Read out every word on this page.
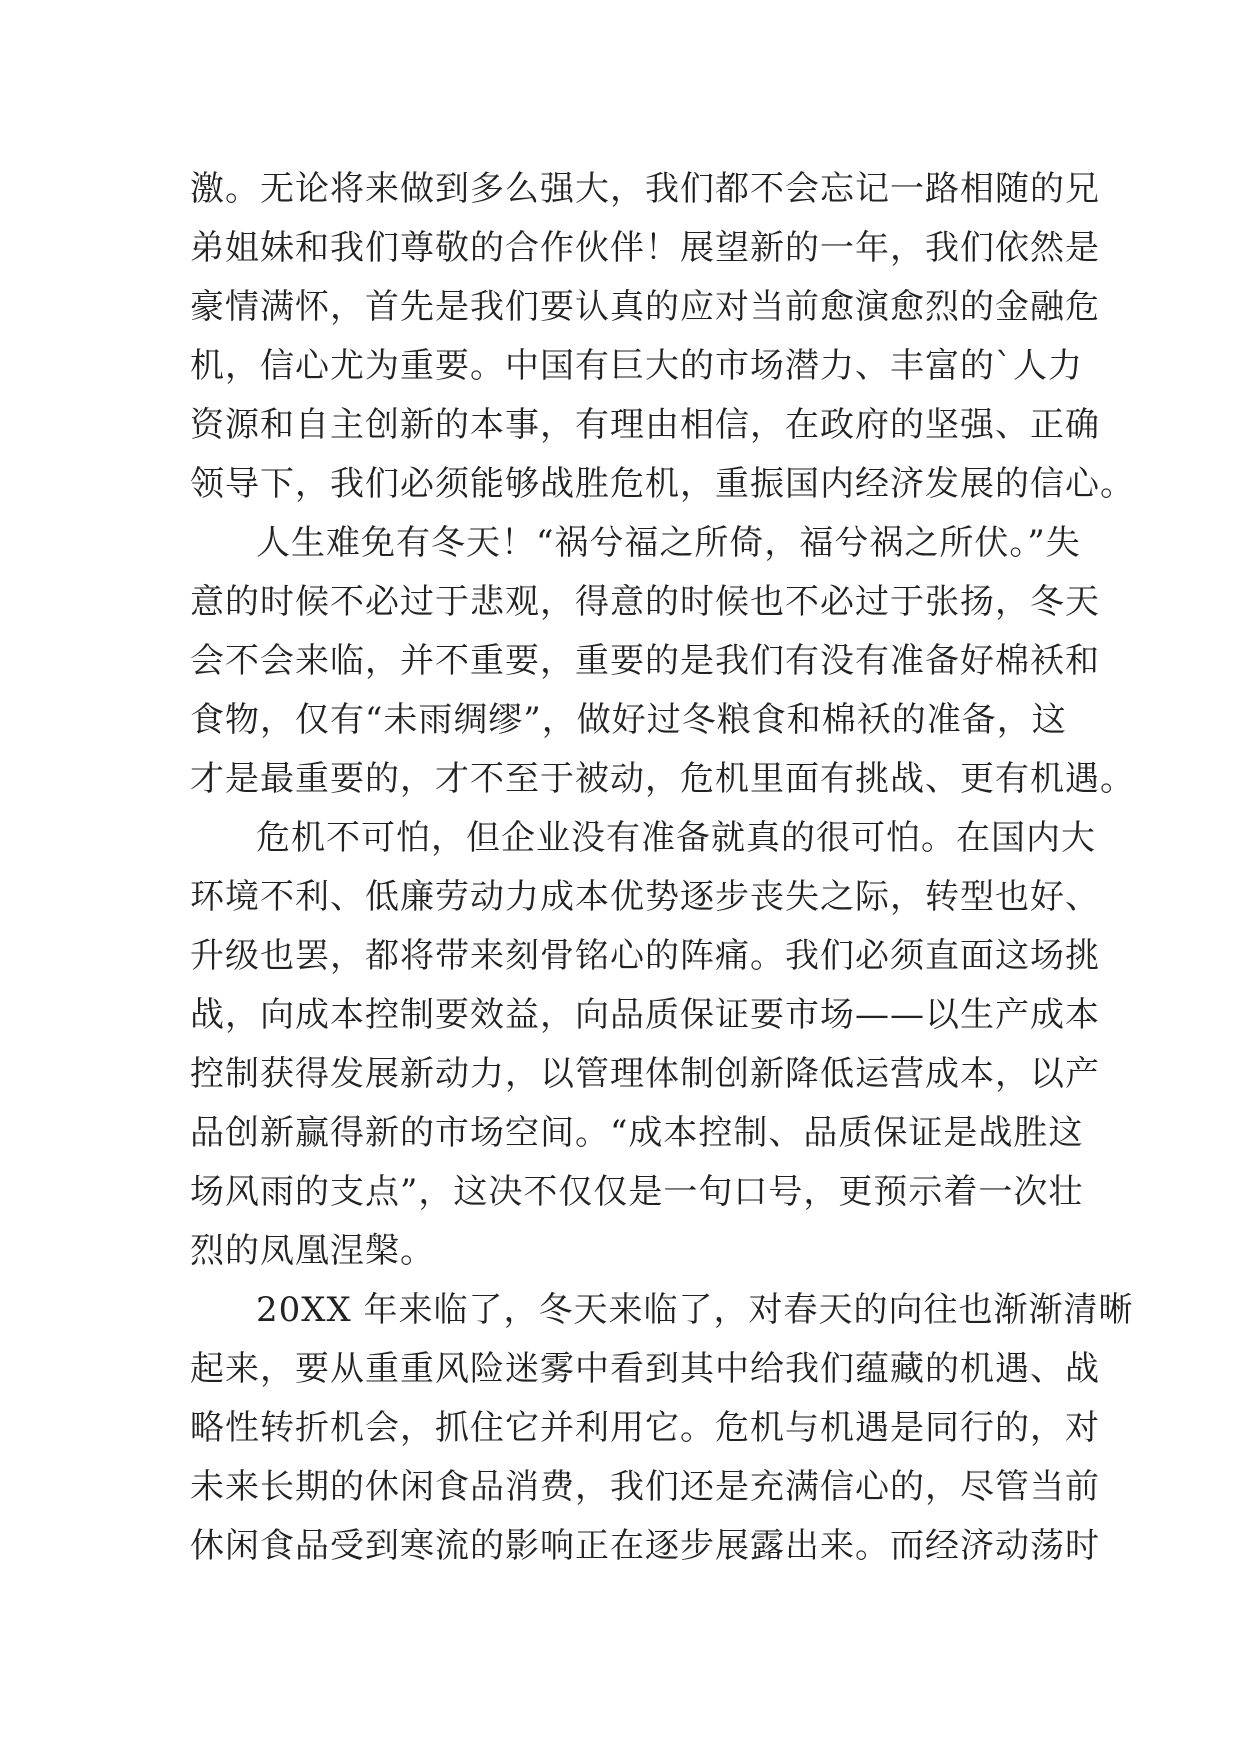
激。无论将来做到多么强大，我们都不会忘记一路相随的兄
弟姐妹和我们尊敬的合作伙伴！展望新的一年，我们依然是
豪情满怀，首先是我们要认真的应对当前愈演愈烈的金融危
机，信心尤为重要。中国有巨大的市场潜力、丰富的`人力
资源和自主创新的本事，有理由相信，在政府的坚强、正确
领导下，我们必须能够战胜危机，重振国内经济发展的信心。
人生难免有冬天！“祸兮福之所倚，福兮祸之所伏。”失
意的时候不必过于悲观，得意的时候也不必过于张扬，冬天
会不会来临，并不重要，重要的是我们有没有准备好棉袄和
食物，仅有“未雨绸缪”，做好过冬粮食和棉袄的准备，这
才是最重要的，才不至于被动，危机里面有挑战、更有机遇。
危机不可怕，但企业没有准备就真的很可怕。在国内大
环境不利、低廉劳动力成本优势逐步丧失之际，转型也好、
升级也罢，都将带来刻骨铭心的阵痛。我们必须直面这场挑
战，向成本控制要效益，向品质保证要市场——以生产成本
控制获得发展新动力，以管理体制创新降低运营成本，以产
品创新赢得新的市场空间。“成本控制、品质保证是战胜这
场风雨的支点”，这决不仅仅是一句口号，更预示着一次壮
烈的凤凰涅槃。
20XX 年来临了，冬天来临了，对春天的向往也渐渐清晰
起来，要从重重风险迷雾中看到其中给我们蕴藏的机遇、战
略性转折机会，抓住它并利用它。危机与机遇是同行的，对
未来长期的休闲食品消费，我们还是充满信心的，尽管当前
休闲食品受到寒流的影响正在逐步展露出来。而经济动荡时
